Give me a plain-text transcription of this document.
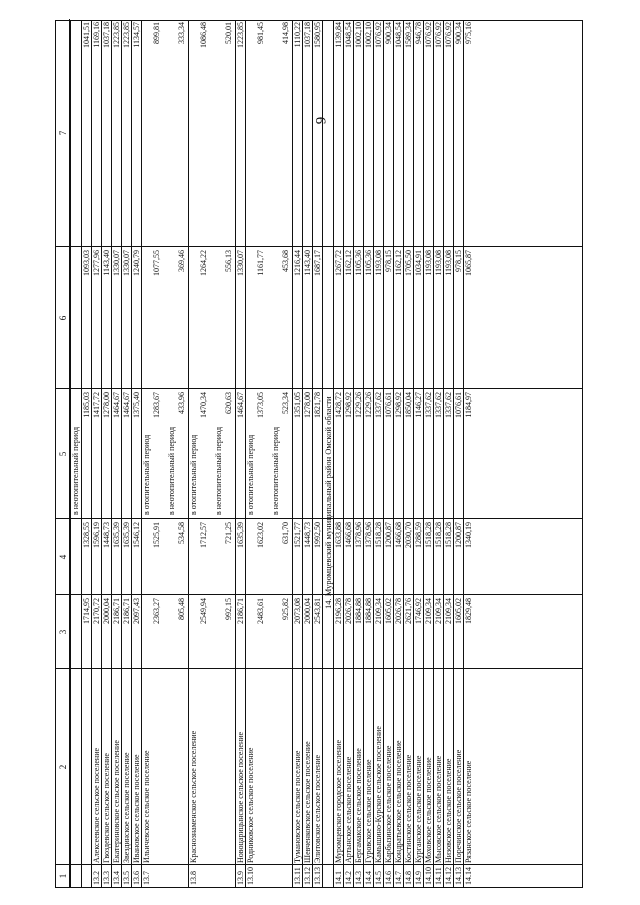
9
1
2
3
4
5
6
7
в неотопительный период
1714,95
1328,55
1185,03
1093,03
1041,51
13.2
Алексеевское сельское поселение
2170,72
1596,19
1417,72
1277,96
1169,16
13.3
Гвоздевское сельское поселение
2000,04
1448,73
1278,00
1143,40
1037,18
13.4
Екатериновское сельское поселение
2186,71
1635,39
1464,67
1330,07
1223,85
13.5
Звездинское сельское поселение
2186,71
1635,39
1464,67
1330,07
1223,85
13.6
Ивановское сельское поселение
2097,43
1546,12
1375,40
1240,79
1134,57
13.7
Ильичевское сельское поселение
в отопительный период
2363,27
1525,91
1283,67
1077,55
899,81
в неотопительный период
805,48
534,58
433,96
369,46
333,34
13.8
Краснознаменское сельское поселение
в отопительный период
2549,94
1712,57
1470,34
1264,22
1086,48
в неотопительный период
992,15
721,25
620,63
556,13
520,01
13.9
Новоцарицынское сельское поселение
2186,71
1635,39
1464,67
1330,07
1223,85
13.10
Родниковское сельское поселение
в отопительный период
2483,61
1623,02
1373,05
1161,77
981,45
в неотопительный период
925,82
631,70
523,34
453,68
414,98
13.11
Тумановское сельское поселение
2073,08
1521,77
1351,05
1216,44
1110,22
13.12
Шевченковское сельское поселение
2000,04
1448,73
1278,00
1143,40
1037,18
13.13
Элитовское сельское поселение
2543,81
1992,50
1821,78
1687,17
1580,95
14. Муромцевский муниципальный район Омской области
14.1
Муромцевское городское поселение
2196,28
1633,88
1428,72
1267,72
1139,84
14.2
Артынское сельское поселение
2026,78
1466,68
1298,92
1162,12
1048,54
14.3
Бергамакское сельское поселение
1884,88
1378,96
1229,26
1105,36
1002,10
14.4
Гуровское сельское поселение
1884,88
1378,96
1229,26
1105,36
1002,10
14.5
Камышино-Курское сельское поселение
2109,34
1518,28
1337,62
1193,08
1076,92
14.6
Карбызинское сельское поселение
1605,02
1200,87
1076,61
978,15
900,34
14.7
Кондратьевское сельское поселение
2026,78
1466,68
1298,92
1162,12
1048,54
14.8
Костинское сельское поселение
2621,76
2030,70
1850,04
1705,50
1589,34
14.9
Курганское сельское поселение
1746,92
1288,59
1146,27
1034,91
946,78
14.10
Моховское сельское поселение
2109,34
1518,28
1337,62
1193,08
1076,92
14.11
Мысовское сельское поселение
2109,34
1518,28
1337,62
1193,08
1076,92
14.12
Низовское сельское поселение
2109,34
1518,28
1337,62
1193,08
1076,92
14.13
Поречинское сельское поселение
1605,02
1200,87
1076,61
978,15
900,34
14.14
Рязанское сельское поселение
1829,48
1340,19
1184,97
1065,87
975,16
